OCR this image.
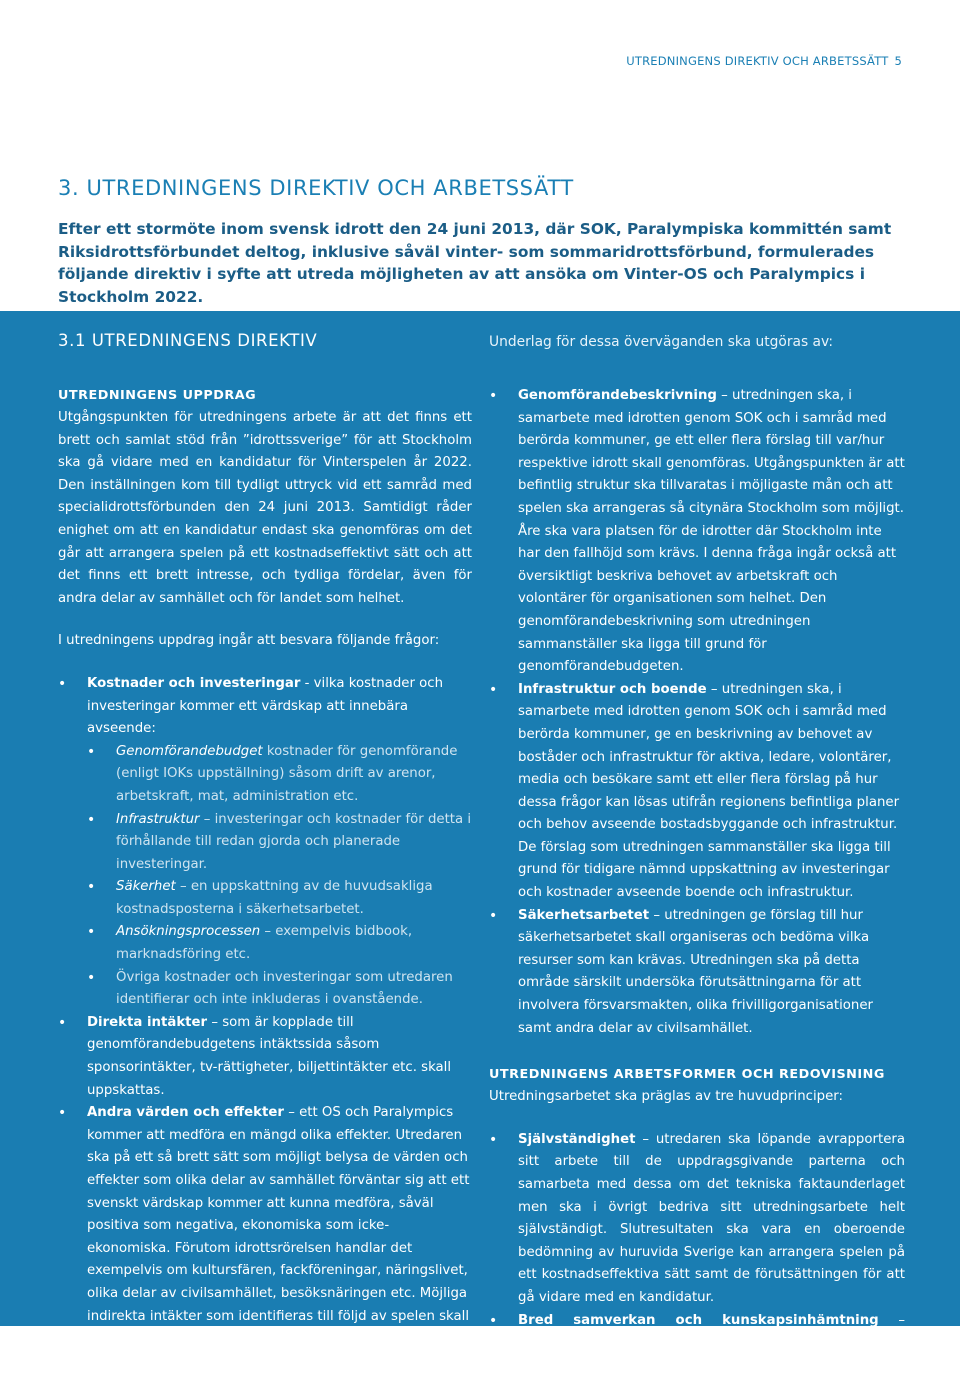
UTREDNINGENS DIREKTIV OCH ARBETSSÄTT 5
3. UTREDNINGENS DIREKTIV OCH ARBETSSÄTT

Efter ett stormöte inom svensk idrott den 24 juni 2013, där SOK, Paralympiska kommittén samt Riksidrottsförbundet deltog, inklusive såväl vinter- som sommaridrottsförbund, formulerades följande direktiv i syfte att utreda möjligheten av att ansöka om Vinter-OS och Paralympics i Stockholm 2022.

3.1 UTREDNINGENS DIREKTIV
UTREDNINGENS UPPDRAG

Utgångspunkten för utredningens arbete är att det finns ett brett och samlat stöd från ”idrottssverige” för att Stockholm ska gå vidare med en kandidatur för Vinterspelen år 2022. Den inställningen kom till tydligt uttryck vid ett samråd med specialidrottsförbunden den 24 juni 2013. Samtidigt råder enighet om att en kandidatur endast ska genomföras om det går att arrangera spelen på ett kostnadseffektivt sätt och att det finns ett brett intresse, och tydliga fördelar, även för andra delar av samhället och för landet som helhet.

I utredningens uppdrag ingår att besvara följande frågor:

• Kostnader och investeringar - vilka kostnader och investeringar kommer ett värdskap att innebära avseende:
• Genomförandebudget kostnader för genomförande (enligt IOKs uppställning) såsom drift av arenor, arbetskraft, mat, administration etc.
• Infrastruktur – investeringar och kostnader för detta i förhållande till redan gjorda och planerade investeringar.
• Säkerhet – en uppskattning av de huvudsakliga kostnadsposterna i säkerhetsarbetet.
• Ansökningsprocessen – exempelvis bidbook, marknadsföring etc.
• Övriga kostnader och investeringar som utredaren identifierar och inte inkluderas i ovanstående.
• Direkta intäkter – som är kopplade till genomförandebudgetens intäktssida såsom sponsorintäkter, tv-rättigheter, biljettintäkter etc. skall uppskattas.
• Andra värden och effekter – ett OS och Paralympics kommer att medföra en mängd olika effekter. Utredaren ska på ett så brett sätt som möjligt belysa de värden och effekter som olika delar av samhället förväntar sig att ett svenskt värdskap kommer att kunna medföra, såväl positiva som negativa, ekonomiska som icke-ekonomiska. Förutom idrottsrörelsen handlar det exempelvis om kultursfären, fackföreningar, näringslivet, olika delar av civilsamhället, besöksnäringen etc. Möjliga indirekta intäkter som identifieras till följd av spelen skall dock hanteras separat och inte lyftas in i spelens budget.

Underlag för dessa överväganden ska utgöras av:

• Genomförandebeskrivning – utredningen ska, i samarbete med idrotten genom SOK och i samråd med berörda kommuner, ge ett eller flera förslag till var/hur respektive idrott skall genomföras. Utgångspunkten är att befintlig struktur ska tillvaratas i möjligaste mån och att spelen ska arrangeras så citynära Stockholm som möjligt. Åre ska vara platsen för de idrotter där Stockholm inte har den fallhöjd som krävs. I denna fråga ingår också att översiktligt beskriva behovet av arbetskraft och volontärer för organisationen som helhet. Den genomförandebeskrivning som utredningen sammanställer ska ligga till grund för genomförandebudgeten.
• Infrastruktur och boende – utredningen ska, i samarbete med idrotten genom SOK och i samråd med berörda kommuner, ge en beskrivning av behovet av boståder och infrastruktur för aktiva, ledare, volontärer, media och besökare samt ett eller flera förslag på hur dessa frågor kan lösas utifrån regionens befintliga planer och behov avseende bostadsbyggande och infrastruktur. De förslag som utredningen sammanställer ska ligga till grund för tidigare nämnd uppskattning av investeringar och kostnader avseende boende och infrastruktur.
• Säkerhetsarbetet – utredningen ge förslag till hur säkerhetsarbetet skall organiseras och bedöma vilka resurser som kan krävas. Utredningen ska på detta område särskilt undersöka förutsättningarna för att involvera försvarsmakten, olika frivilligorganisationer samt andra delar av civilsamhället.
UTREDNINGENS ARBETSFORMER OCH REDOVISNING

Utredningsarbetet ska präglas av tre huvudprinciper:

• Självständighet – utredaren ska löpande avrapportera sitt arbete till de uppdragsgivande parterna och samarbeta med dessa om det tekniska faktaunderlaget men ska i övrigt bedriva sitt utredningsarbete helt självständigt. Slutresultaten ska vara en oberoende bedömning av huruvida Sverige kan arrangera spelen på ett kostnadseffektiva sätt samt de förutsättningen för att gå vidare med en kandidatur.
• Bred samverkan och kunskapsinhämtning – utredaren ska, som uppgivet ovan slår fast, själv eller med stöd av idrotten, söka kontakt, synpunkter och kunskap från alla
